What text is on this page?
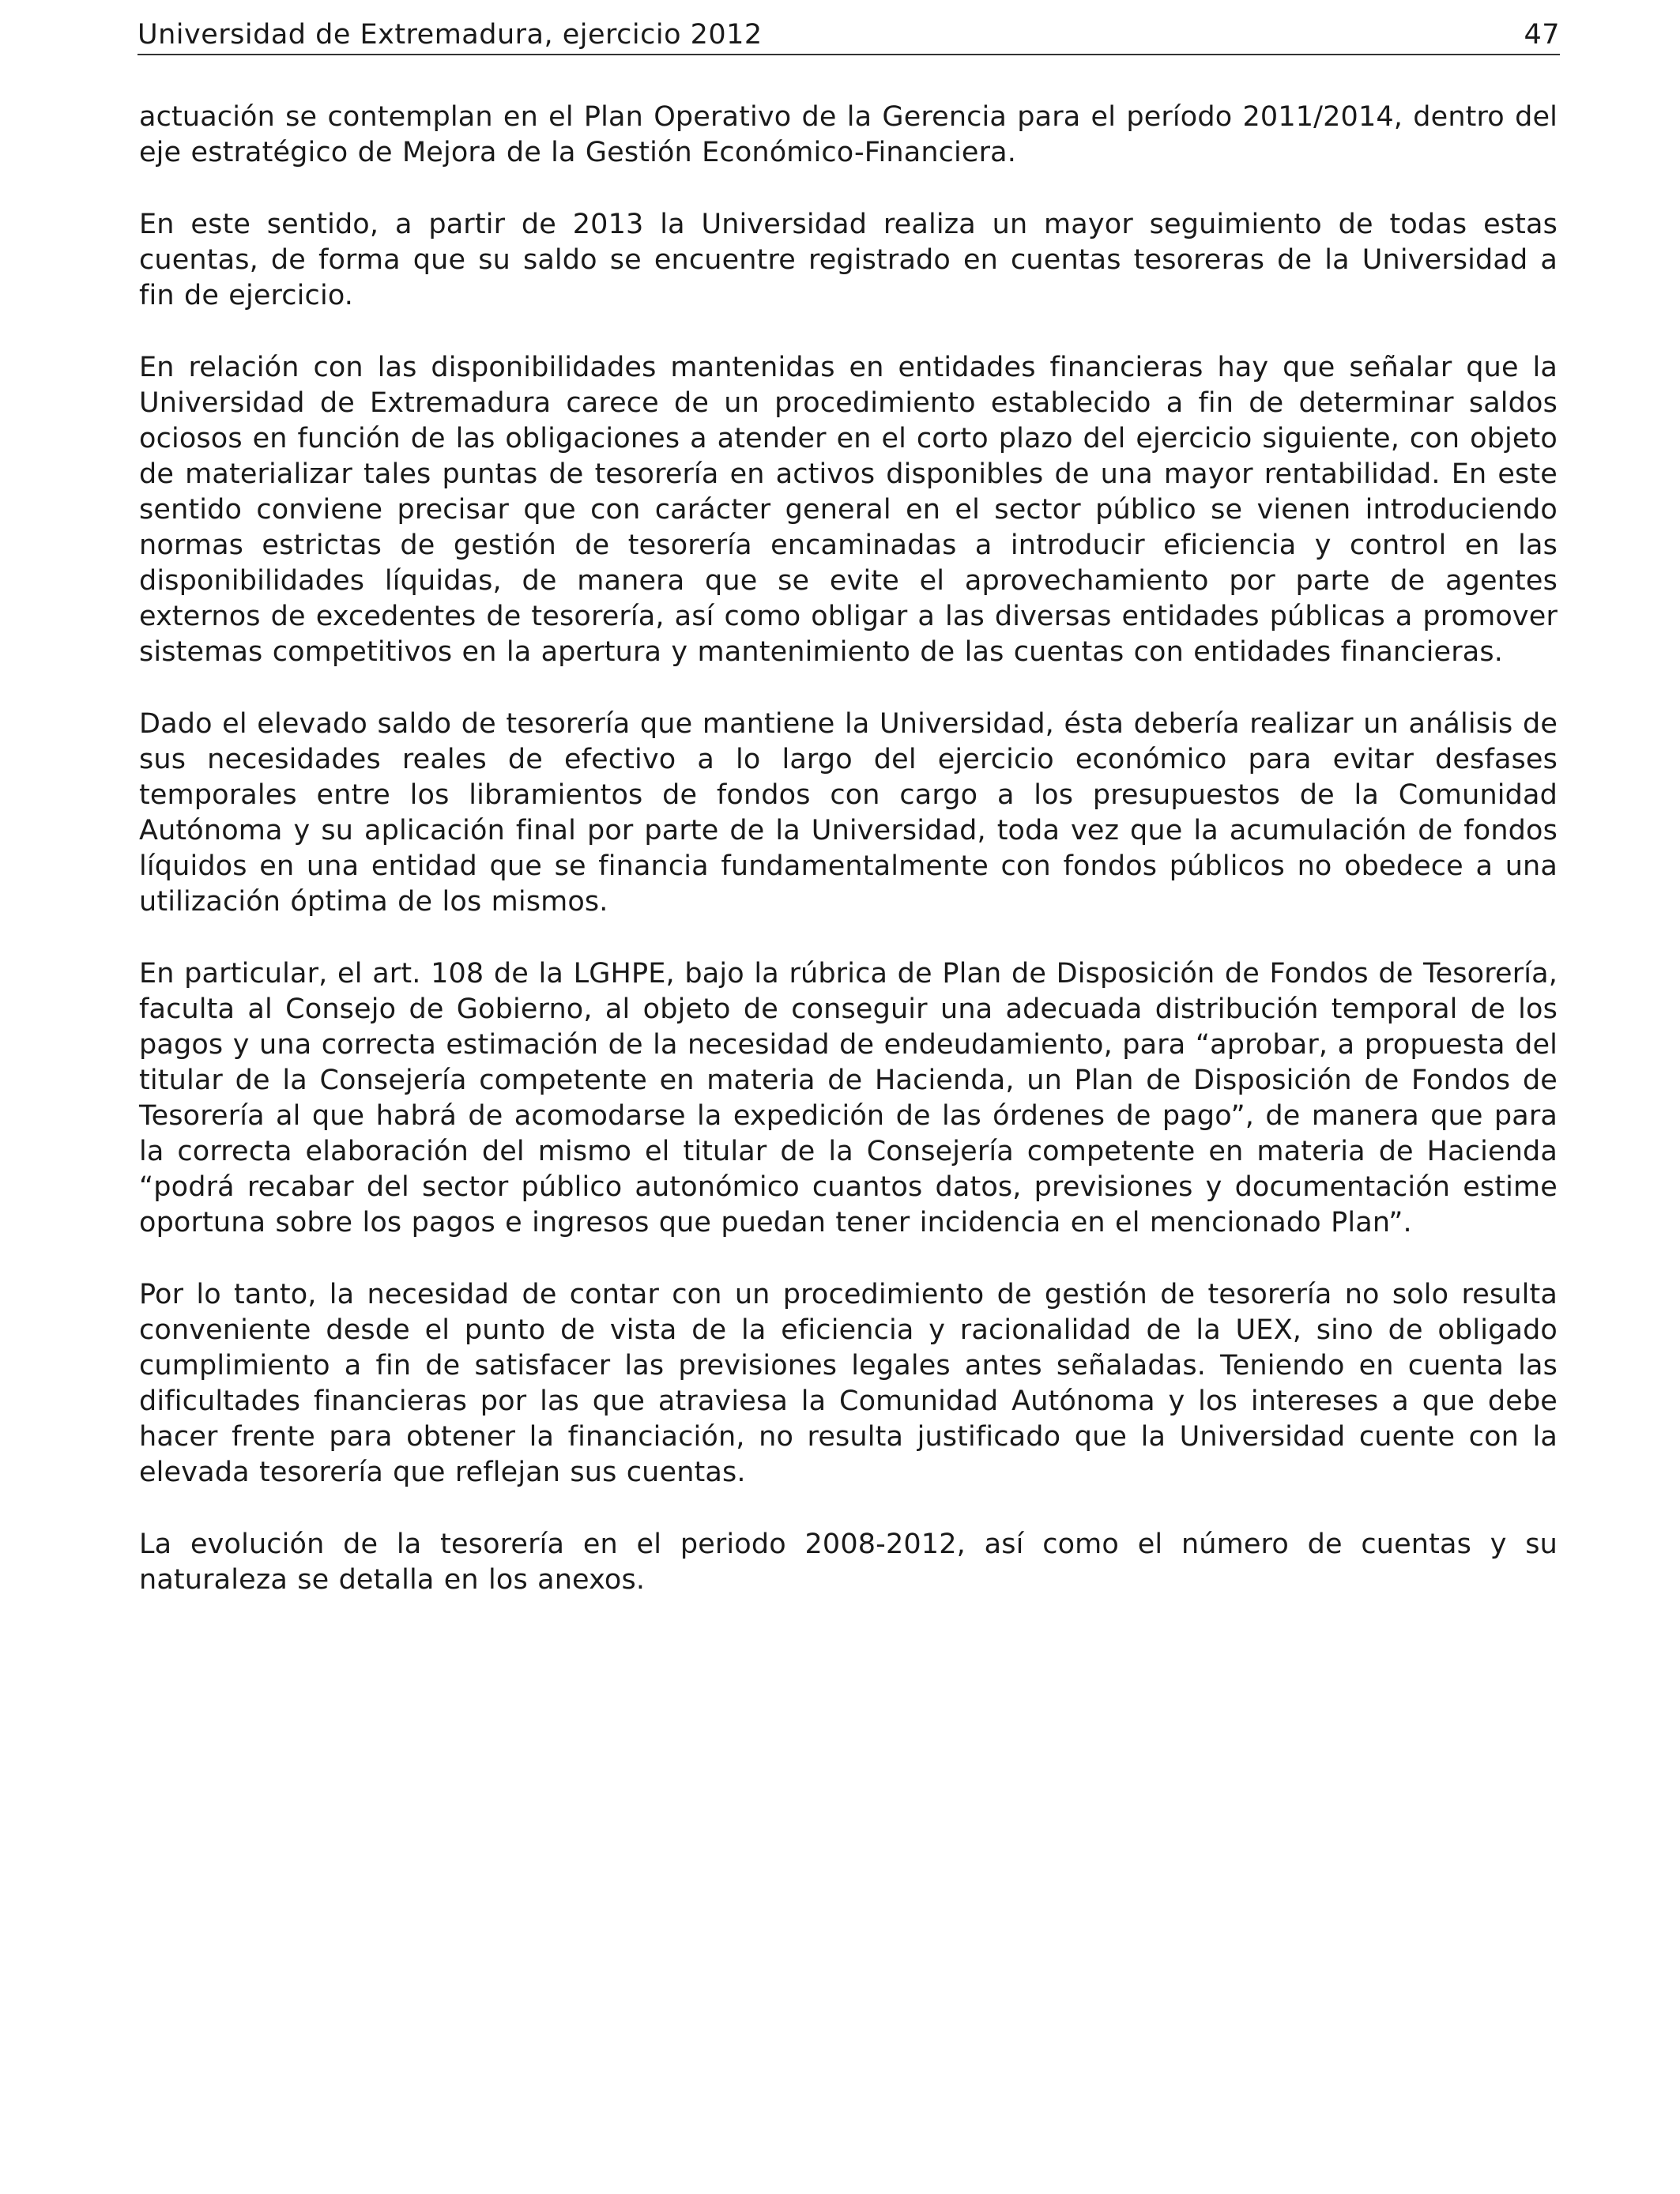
Universidad de Extremadura, ejercicio 2012	47

actuación se contemplan en el Plan Operativo de la Gerencia para el período 2011/2014, dentro del eje estratégico de Mejora de la Gestión Económico-Financiera.

En este sentido, a partir de 2013 la Universidad realiza un mayor seguimiento de todas estas cuentas, de forma que su saldo se encuentre registrado en cuentas tesoreras de la Universidad a fin de ejercicio.

En relación con las disponibilidades mantenidas en entidades financieras hay que señalar que la Universidad de Extremadura carece de un procedimiento establecido a fin de determinar saldos ociosos en función de las obligaciones a atender en el corto plazo del ejercicio siguiente, con objeto de materializar tales puntas de tesorería en activos disponibles de una mayor rentabilidad. En este sentido conviene precisar que con carácter general en el sector público se vienen introduciendo normas estrictas de gestión de tesorería encaminadas a introducir eficiencia y control en las disponibilidades líquidas, de manera que se evite el aprovechamiento por parte de agentes externos de excedentes de tesorería, así como obligar a las diversas entidades públicas a promover sistemas competitivos en la apertura y mantenimiento de las cuentas con entidades financieras.

Dado el elevado saldo de tesorería que mantiene la Universidad, ésta debería realizar un análisis de sus necesidades reales de efectivo a lo largo del ejercicio económico para evitar desfases temporales entre los libramientos de fondos con cargo a los presupuestos de la Comunidad Autónoma y su aplicación final por parte de la Universidad, toda vez que la acumulación de fondos líquidos en una entidad que se financia fundamentalmente con fondos públicos no obedece a una utilización óptima de los mismos.

En particular, el art. 108 de la LGHPE, bajo la rúbrica de Plan de Disposición de Fondos de Tesorería, faculta al Consejo de Gobierno, al objeto de conseguir una adecuada distribución temporal de los pagos y una correcta estimación de la necesidad de endeudamiento, para “aprobar, a propuesta del titular de la Consejería competente en materia de Hacienda, un Plan de Disposición de Fondos de Tesorería al que habrá de acomodarse la expedición de las órdenes de pago”, de manera que para la correcta elaboración del mismo el titular de la Consejería competente en materia de Hacienda “podrá recabar del sector público autonómico cuantos datos, previsiones y documentación estime oportuna sobre los pagos e ingresos que puedan tener incidencia en el mencionado Plan”.

Por lo tanto, la necesidad de contar con un procedimiento de gestión de tesorería no solo resulta conveniente desde el punto de vista de la eficiencia y racionalidad de la UEX, sino de obligado cumplimiento a fin de satisfacer las previsiones legales antes señaladas. Teniendo en cuenta las dificultades financieras por las que atraviesa la Comunidad Autónoma y los intereses a que debe hacer frente para obtener la financiación, no resulta justificado que la Universidad cuente con la elevada tesorería que reflejan sus cuentas.

La evolución de la tesorería en el periodo 2008-2012, así como el número de cuentas y su naturaleza se detalla en los anexos.
